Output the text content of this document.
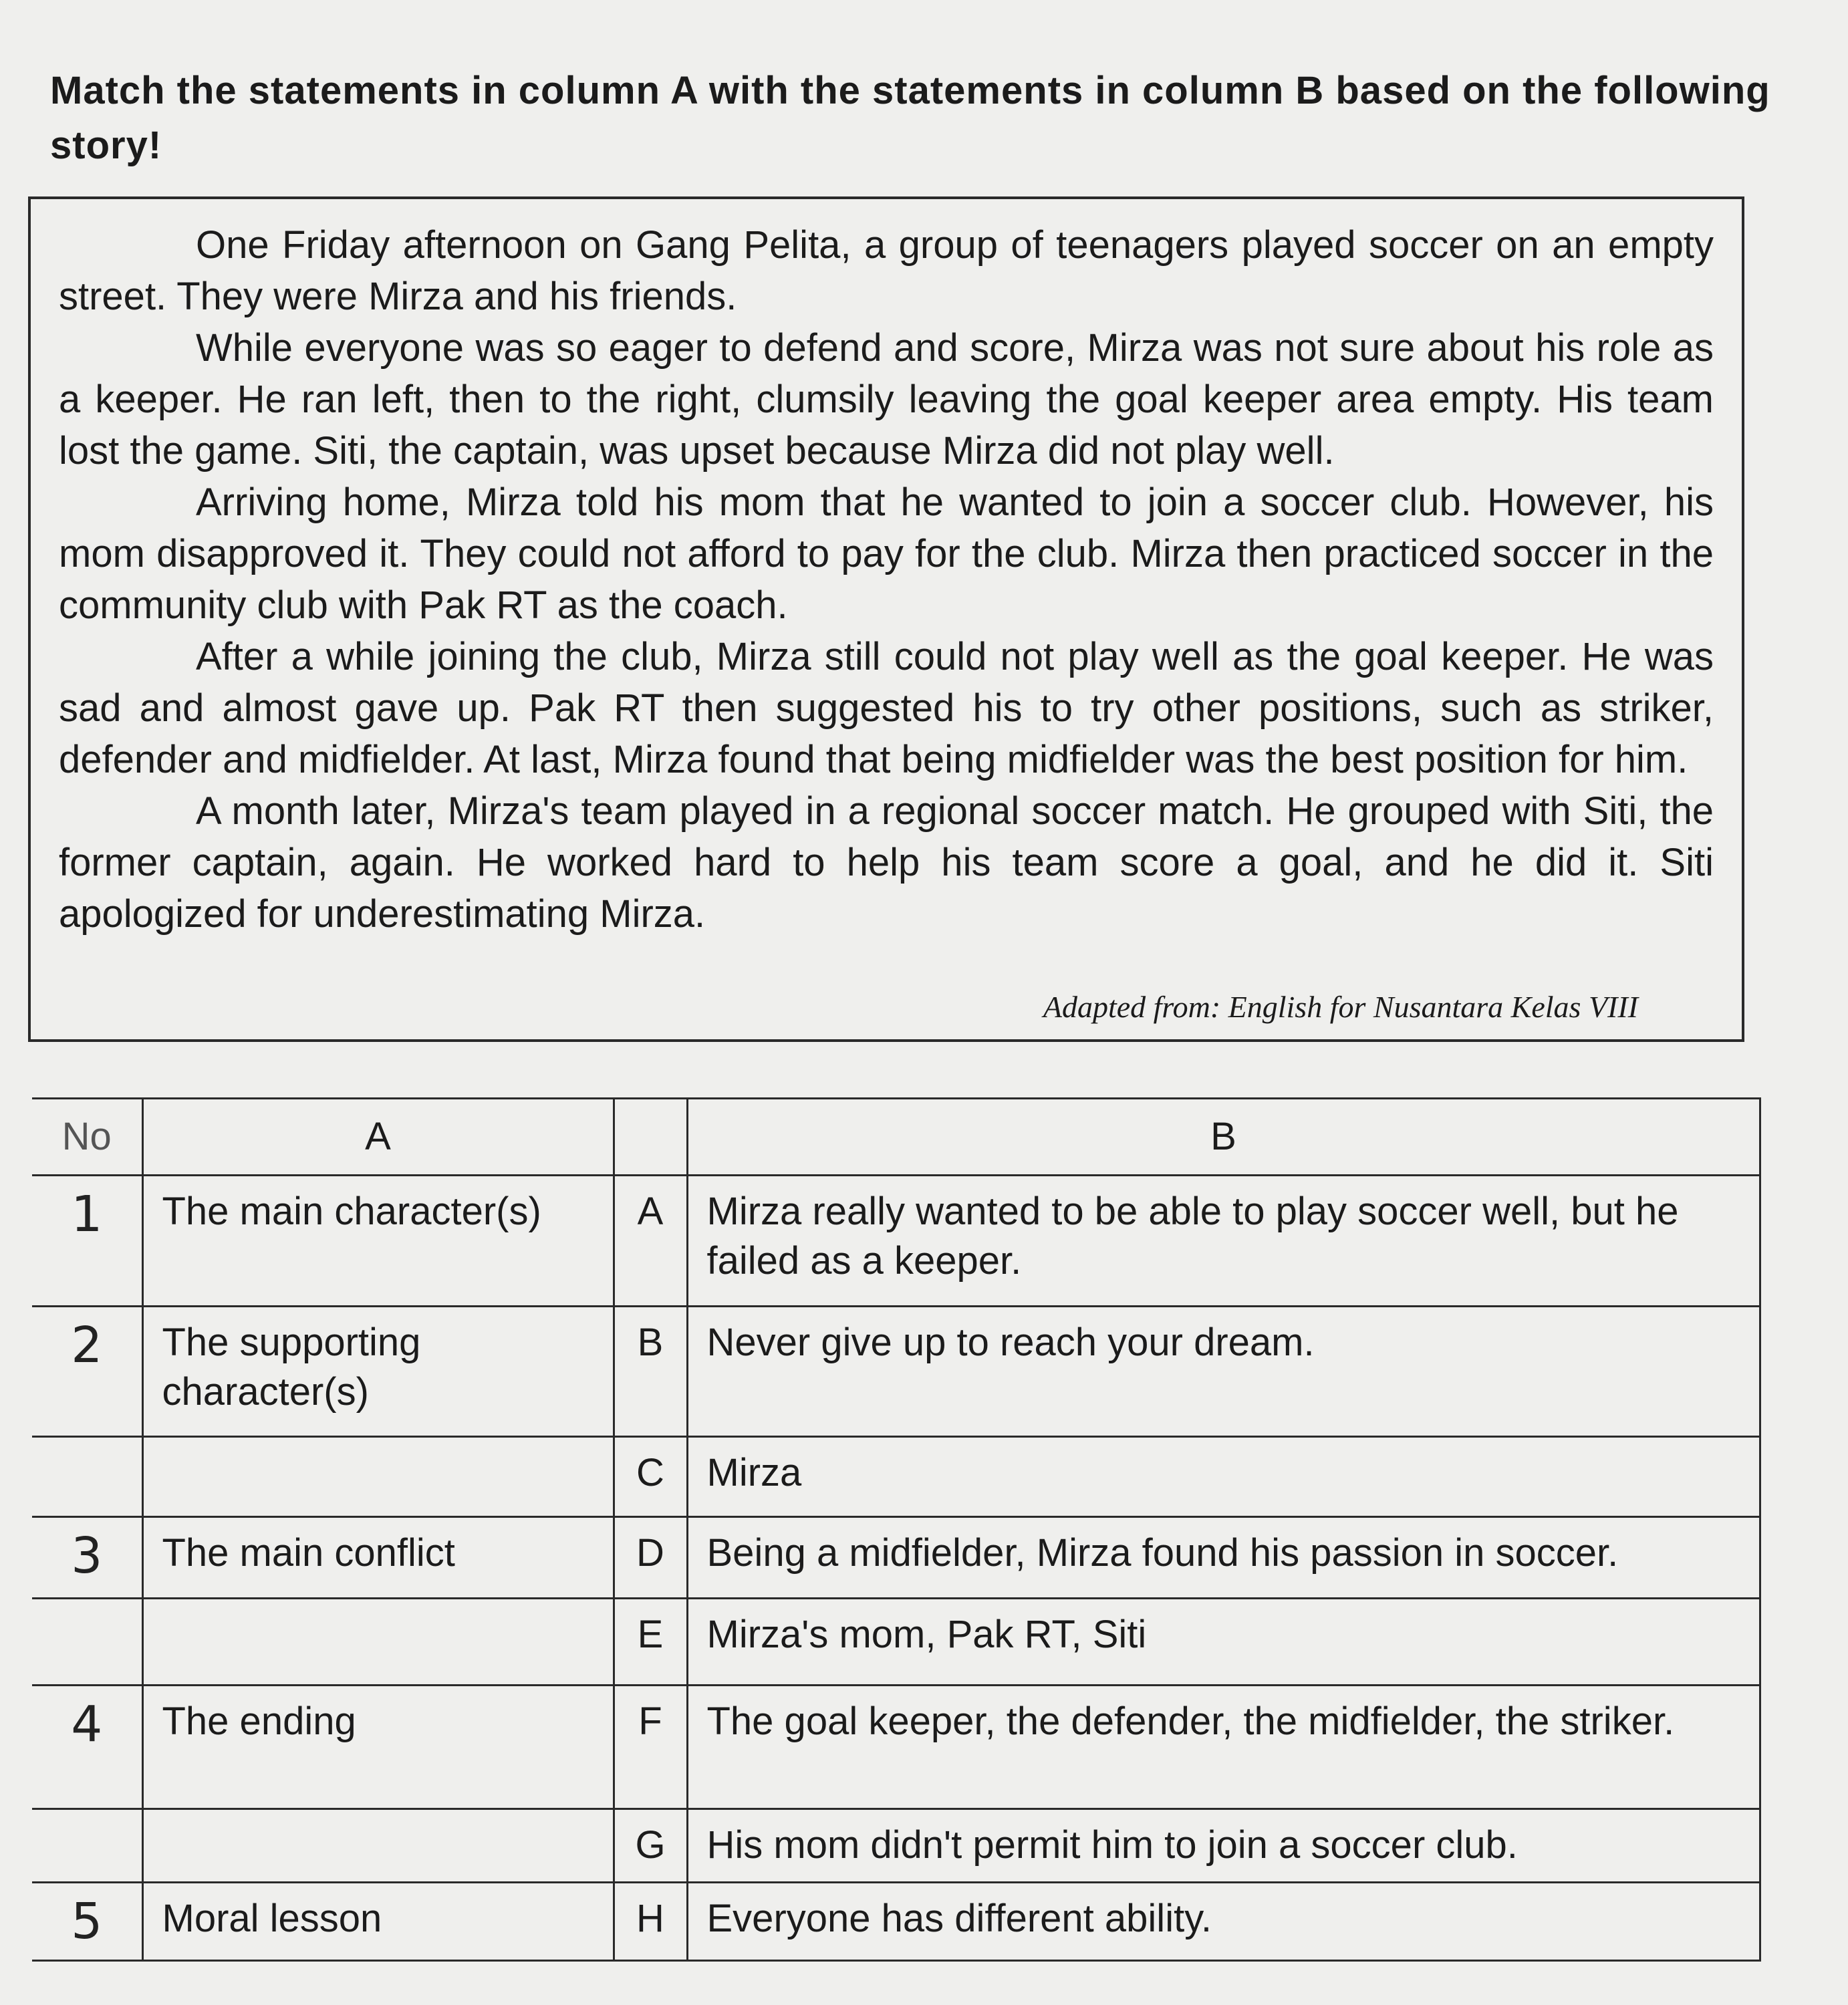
Match the statements in column A with the statements in column B based on the following story!

One Friday afternoon on Gang Pelita, a group of teenagers played soccer on an empty street. They were Mirza and his friends.

While everyone was so eager to defend and score, Mirza was not sure about his role as a keeper. He ran left, then to the right, clumsily leaving the goal keeper area empty. His team lost the game. Siti, the captain, was upset because Mirza did not play well.

Arriving home, Mirza told his mom that he wanted to join a soccer club. However, his mom disapproved it. They could not afford to pay for the club. Mirza then practiced soccer in the community club with Pak RT as the coach.

After a while joining the club, Mirza still could not play well as the goal keeper. He was sad and almost gave up. Pak RT then suggested his to try other positions, such as striker, defender and midfielder. At last, Mirza found that being midfielder was the best position for him.

A month later, Mirza's team played in a regional soccer match. He grouped with Siti, the former captain, again. He worked hard to help his team score a goal, and he did it. Siti apologized for underestimating Mirza.

Adapted from: English for Nusantara Kelas VIII
No	A		B
1	The main character(s)	A	Mirza really wanted to be able to play soccer well, but he failed as a keeper.
2	The supporting character(s)	B	Never give up to reach your dream.
		C	Mirza
3	The main conflict	D	Being a midfielder, Mirza found his passion in soccer.
		E	Mirza's mom, Pak RT, Siti
4	The ending	F	The goal keeper, the defender, the midfielder, the striker.
		G	His mom didn't permit him to join a soccer club.
5	Moral lesson	H	Everyone has different ability.
